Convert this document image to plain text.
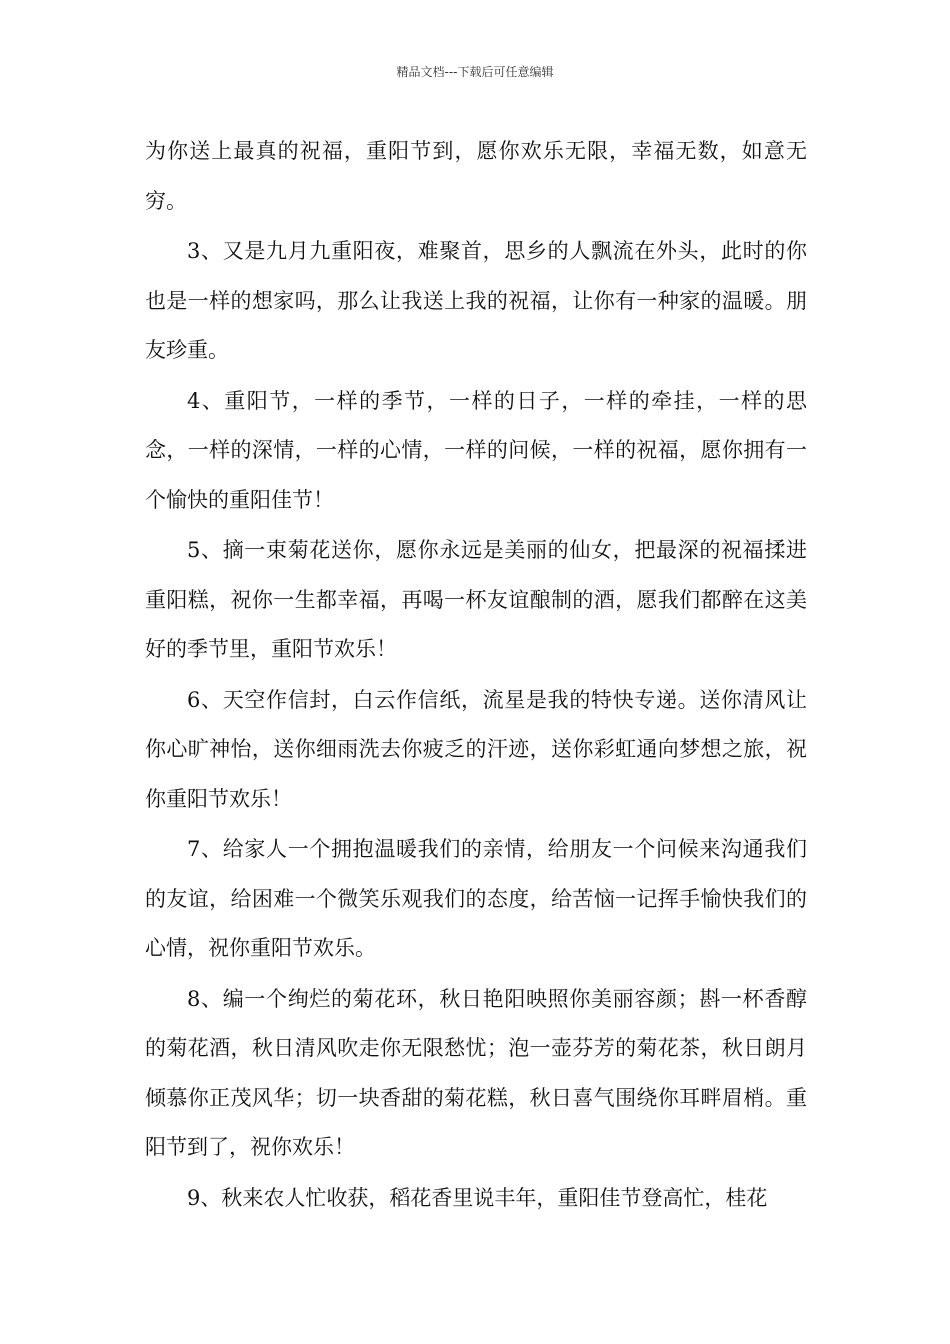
精品文档---下载后可任意编辑

为你送上最真的祝福，重阳节到，愿你欢乐无限，幸福无数，如意无穷。

3、又是九月九重阳夜，难聚首，思乡的人飘流在外头，此时的你也是一样的想家吗，那么让我送上我的祝福，让你有一种家的温暖。朋友珍重。

4、重阳节，一样的季节，一样的日子，一样的牵挂，一样的思念，一样的深情，一样的心情，一样的问候，一样的祝福，愿你拥有一个愉快的重阳佳节！

5、摘一束菊花送你，愿你永远是美丽的仙女，把最深的祝福揉进重阳糕，祝你一生都幸福，再喝一杯友谊酿制的酒，愿我们都醉在这美好的季节里，重阳节欢乐！

6、天空作信封，白云作信纸，流星是我的特快专递。送你清风让你心旷神怡，送你细雨洗去你疲乏的汗迹，送你彩虹通向梦想之旅，祝你重阳节欢乐！

7、给家人一个拥抱温暖我们的亲情，给朋友一个问候来沟通我们的友谊，给困难一个微笑乐观我们的态度，给苦恼一记挥手愉快我们的心情，祝你重阳节欢乐。

8、编一个绚烂的菊花环，秋日艳阳映照你美丽容颜；斟一杯香醇的菊花酒，秋日清风吹走你无限愁忧；泡一壶芬芳的菊花茶，秋日朗月倾慕你正茂风华；切一块香甜的菊花糕，秋日喜气围绕你耳畔眉梢。重阳节到了，祝你欢乐！

9、秋来农人忙收获，稻花香里说丰年，重阳佳节登高忙，桂花
